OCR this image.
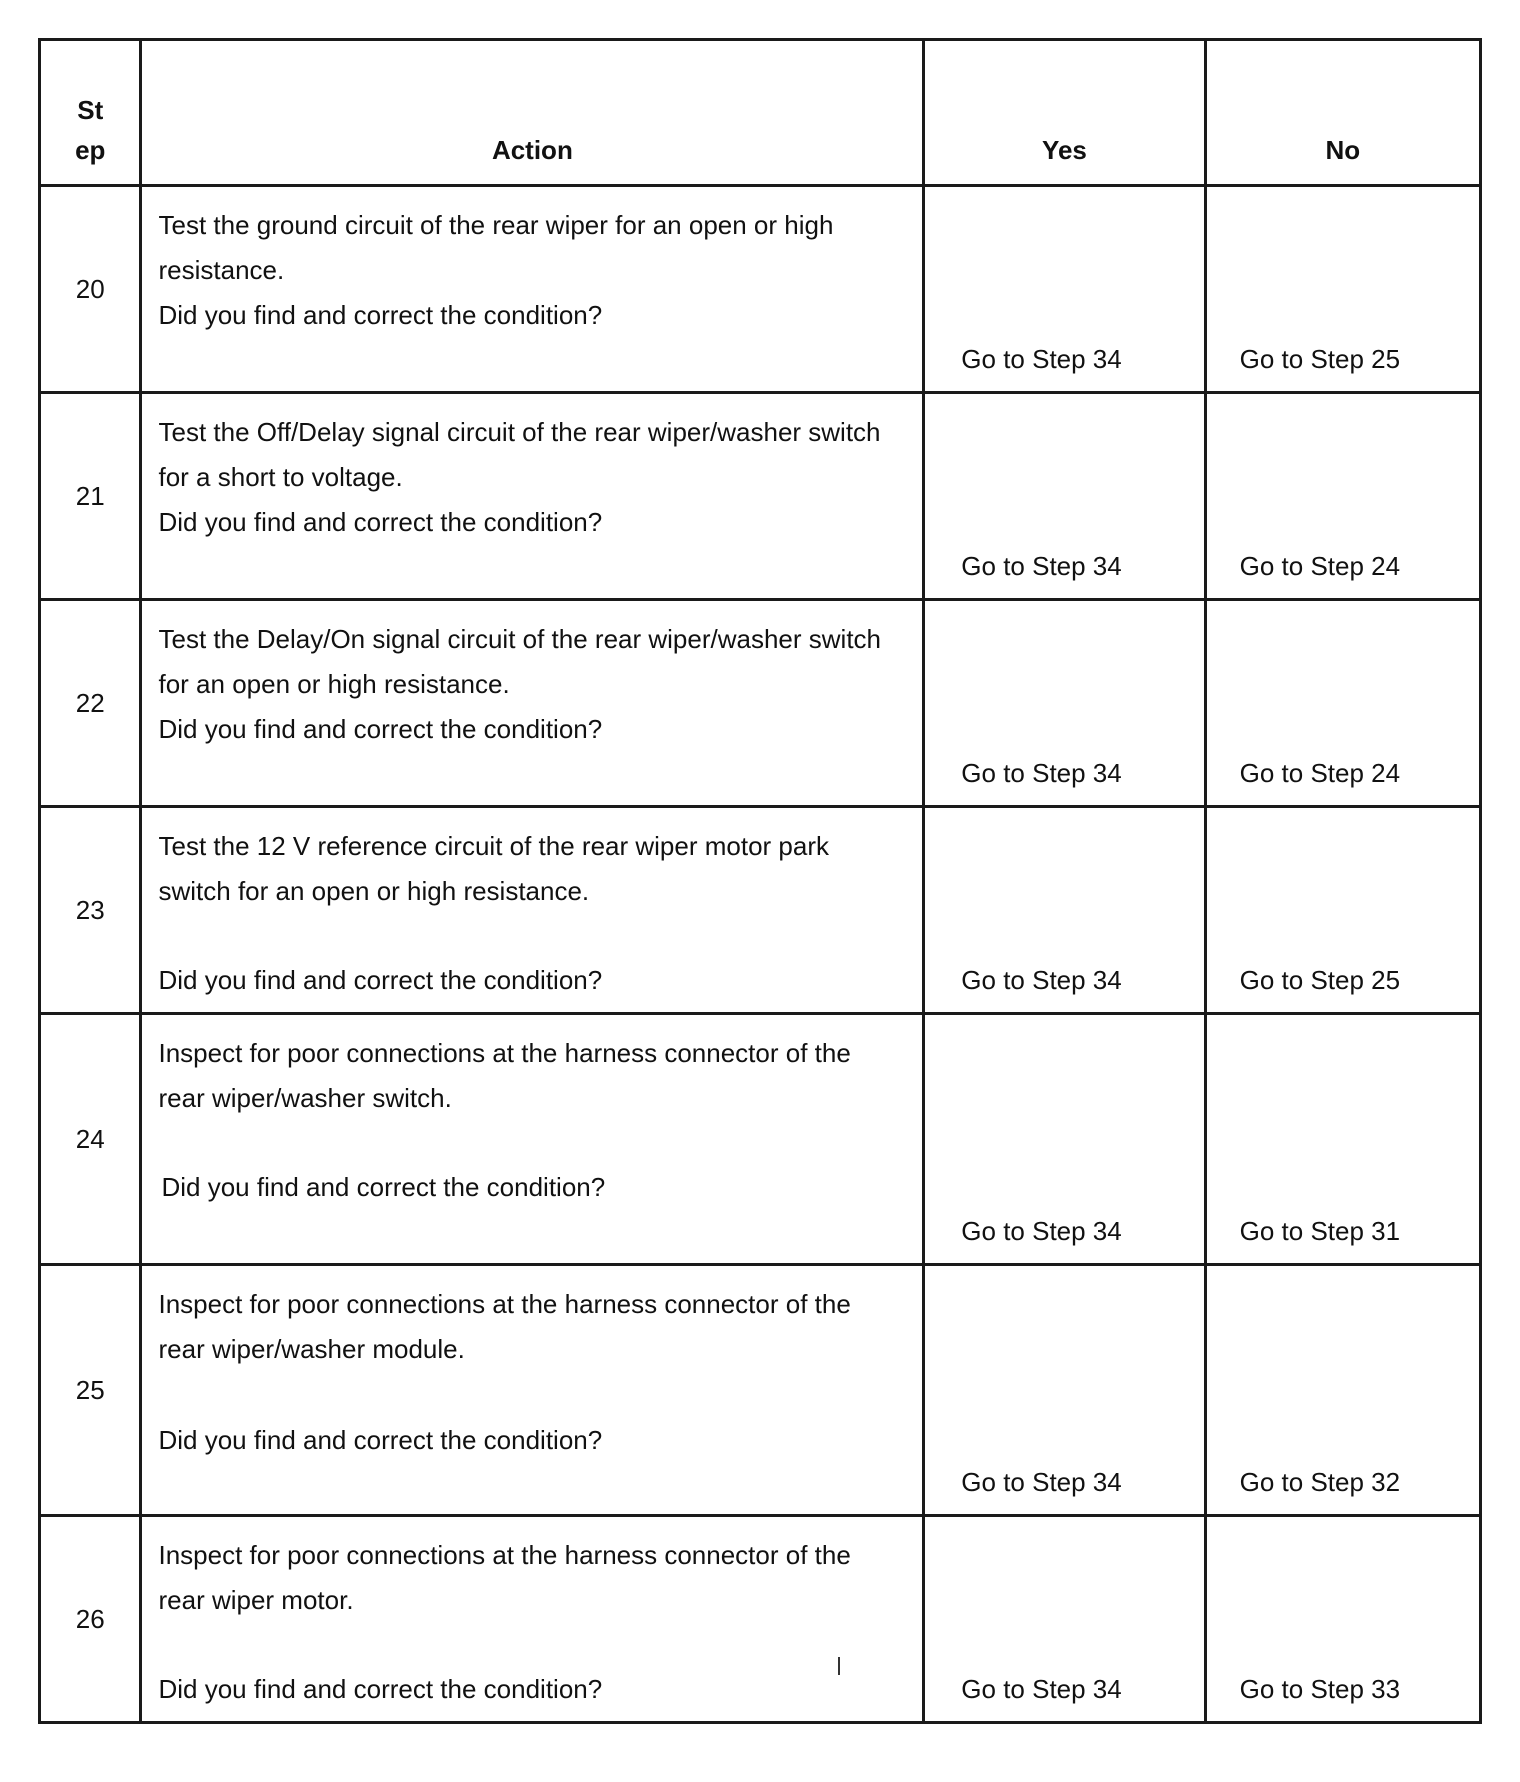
St
ep	Action	Yes	No

20	Test the ground circuit of the rear wiper for an open or high resistance.
Did you find and correct the condition?	Go to Step 34	Go to Step 25

21	Test the Off/Delay signal circuit of the rear wiper/washer switch for a short to voltage.
Did you find and correct the condition?	Go to Step 34	Go to Step 24

22	Test the Delay/On signal circuit of the rear wiper/washer switch for an open or high resistance.
Did you find and correct the condition?	Go to Step 34	Go to Step 24

23	Test the 12 V reference circuit of the rear wiper motor park switch for an open or high resistance.
Did you find and correct the condition?	Go to Step 34	Go to Step 25

24	Inspect for poor connections at the harness connector of the rear wiper/washer switch.
Did you find and correct the condition?	Go to Step 34	Go to Step 31

25	Inspect for poor connections at the harness connector of the rear wiper/washer module.
Did you find and correct the condition?	Go to Step 34	Go to Step 32

26	Inspect for poor connections at the harness connector of the rear wiper motor.
Did you find and correct the condition?	Go to Step 34	Go to Step 33
